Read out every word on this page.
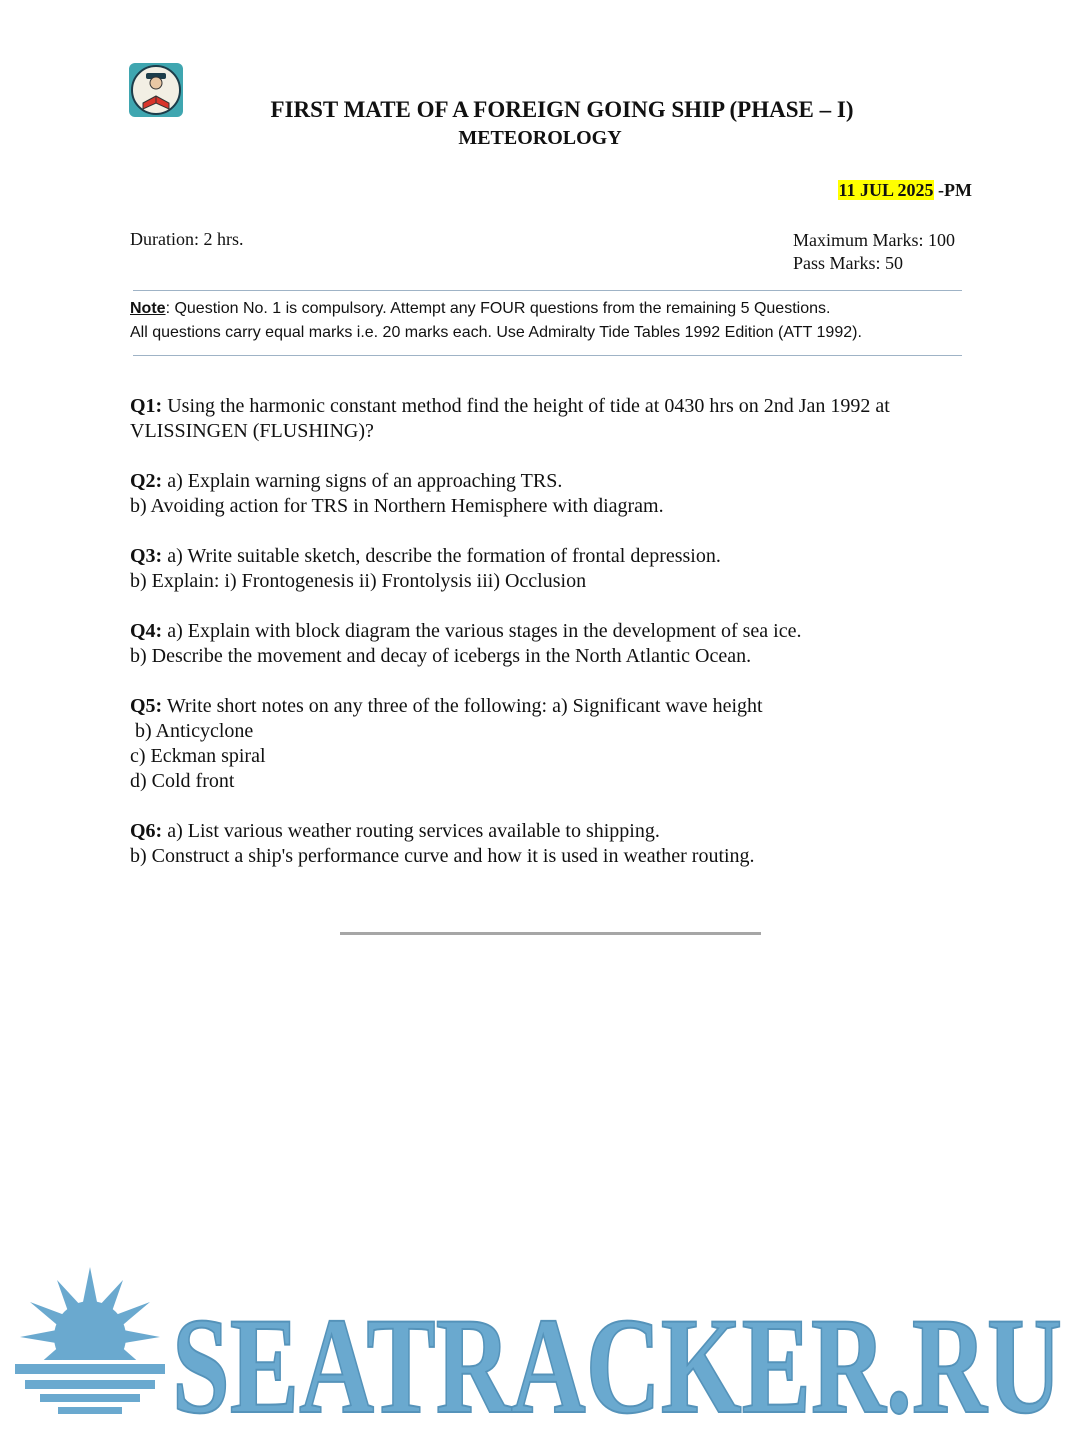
FIRST MATE OF A FOREIGN GOING SHIP (PHASE – I)
METEOROLOGY
11 JUL 2025 -PM
Duration: 2 hrs.	Maximum Marks: 100
Pass Marks: 50
Note: Question No. 1 is compulsory. Attempt any FOUR questions from the remaining 5 Questions.
All questions carry equal marks i.e. 20 marks each. Use Admiralty Tide Tables 1992 Edition (ATT 1992).

Q1: Using the harmonic constant method find the height of tide at 0430 hrs on 2nd Jan 1992 at

VLISSINGEN (FLUSHING)?

Q2: a) Explain warning signs of an approaching TRS.

b) Avoiding action for TRS in Northern Hemisphere with diagram.

Q3: a) Write suitable sketch, describe the formation of frontal depression.

b) Explain: i) Frontogenesis ii) Frontolysis iii) Occlusion

Q4: a) Explain with block diagram the various stages in the development of sea ice.

b) Describe the movement and decay of icebergs in the North Atlantic Ocean.

Q5: Write short notes on any three of the following: a) Significant wave height

b) Anticyclone

c) Eckman spiral

d) Cold front

Q6: a) List various weather routing services available to shipping.

b) Construct a ship's performance curve and how it is used in weather routing.

SEATRACKER.RU
